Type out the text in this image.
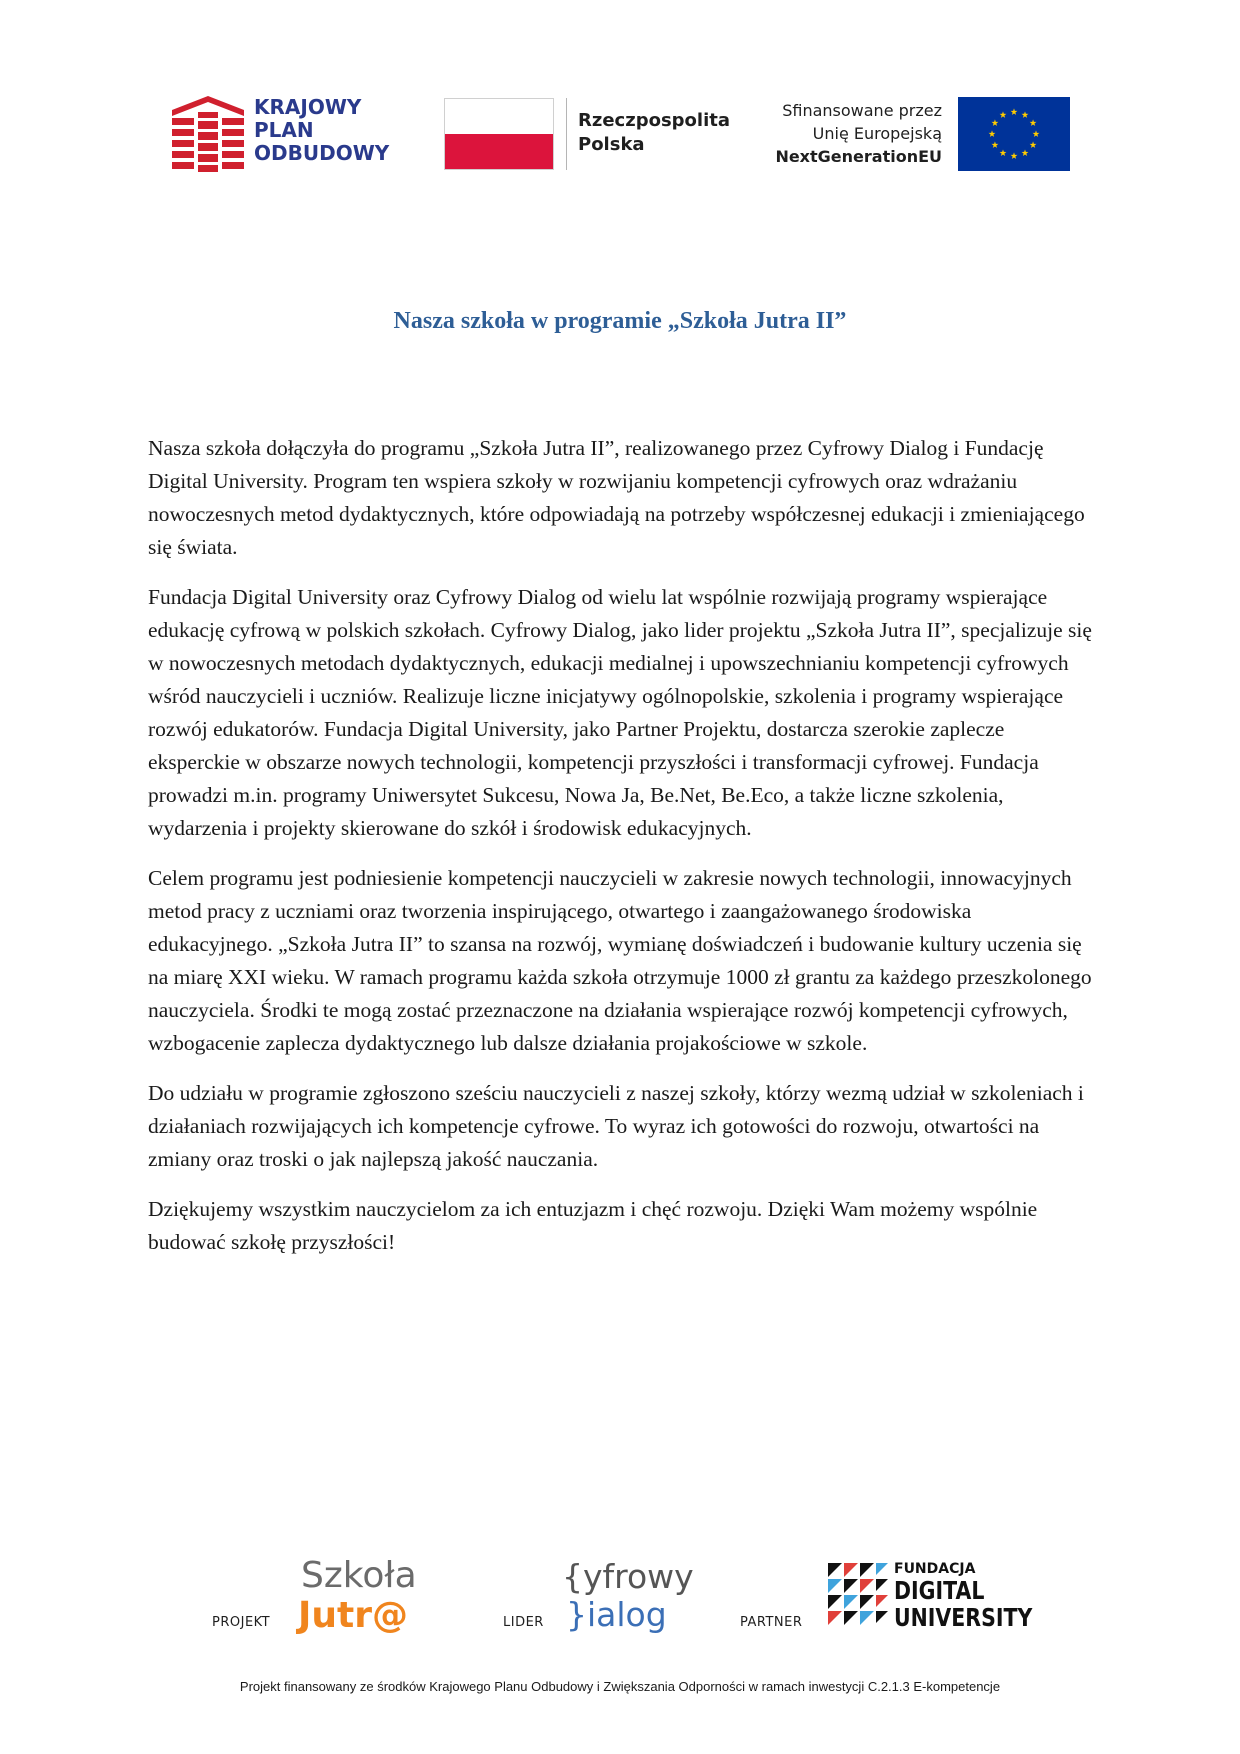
KRAJOWY
PLAN
ODBUDOWY
Rzeczpospolita
Polska
Sfinansowane przez
Unię Europejską
NextGenerationEU
Nasza szkoła w programie „Szkoła Jutra II”

Nasza szkoła dołączyła do programu „Szkoła Jutra II”, realizowanego przez Cyfrowy Dialog i Fundację Digital University. Program ten wspiera szkoły w rozwijaniu kompetencji cyfrowych oraz wdrażaniu nowoczesnych metod dydaktycznych, które odpowiadają na potrzeby współczesnej edukacji i zmieniającego się świata.

Fundacja Digital University oraz Cyfrowy Dialog od wielu lat wspólnie rozwijają programy wspierające edukację cyfrową w polskich szkołach. Cyfrowy Dialog, jako lider projektu „Szkoła Jutra II”, specjalizuje się w nowoczesnych metodach dydaktycznych, edukacji medialnej i upowszechnianiu kompetencji cyfrowych wśród nauczycieli i uczniów. Realizuje liczne inicjatywy ogólnopolskie, szkolenia i programy wspierające rozwój edukatorów. Fundacja Digital University, jako Partner Projektu, dostarcza szerokie zaplecze eksperckie w obszarze nowych technologii, kompetencji przyszłości i transformacji cyfrowej. Fundacja prowadzi m.in. programy Uniwersytet Sukcesu, Nowa Ja, Be.Net, Be.Eco, a także liczne szkolenia, wydarzenia i projekty skierowane do szkół i środowisk edukacyjnych.

Celem programu jest podniesienie kompetencji nauczycieli w zakresie nowych technologii, innowacyjnych metod pracy z uczniami oraz tworzenia inspirującego, otwartego i zaangażowanego środowiska edukacyjnego. „Szkoła Jutra II” to szansa na rozwój, wymianę doświadczeń i budowanie kultury uczenia się na miarę XXI wieku. W ramach programu każda szkoła otrzymuje 1000 zł grantu za każdego przeszkolonego nauczyciela. Środki te mogą zostać przeznaczone na działania wspierające rozwój kompetencji cyfrowych, wzbogacenie zaplecza dydaktycznego lub dalsze działania projakościowe w szkole.

Do udziału w programie zgłoszono sześciu nauczycieli z naszej szkoły, którzy wezmą udział w szkoleniach i działaniach rozwijających ich kompetencje cyfrowe. To wyraz ich gotowości do rozwoju, otwartości na zmiany oraz troski o jak najlepszą jakość nauczania.

Dziękujemy wszystkim nauczycielom za ich entuzjazm i chęć rozwoju. Dzięki Wam możemy wspólnie budować szkołę przyszłości!

PROJEKT
Szkoła
Jutr@	LIDER
{yfrowy
}ialog	PARTNER
FUNDACJA
DIGITAL
UNIVERSITY

Projekt finansowany ze środków Krajowego Planu Odbudowy i Zwiększania Odporności w ramach inwestycji C.2.1.3 E-kompetencje
